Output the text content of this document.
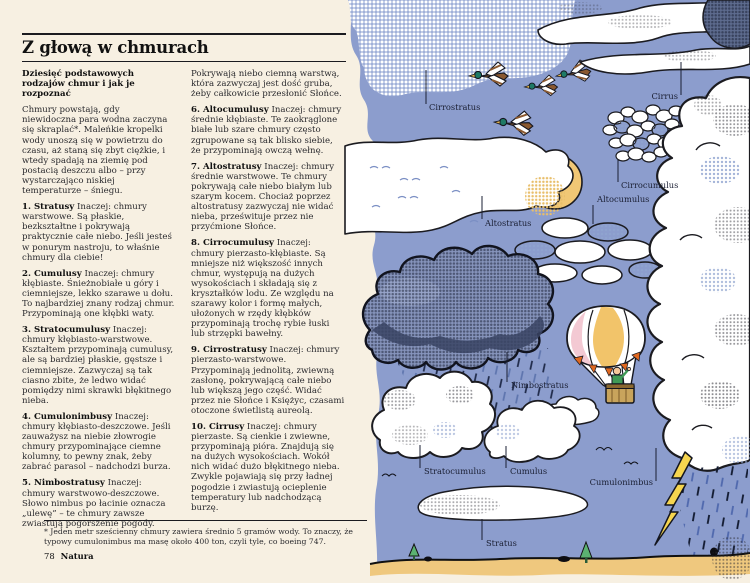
Z głową w chmurach
Dziesięć podstawowych rodzajów chmur i jak je rozpoznać

Chmury powstają, gdy niewidoczna para wodna zaczyna się skraplać*. Maleńkie kropelki wody unoszą się w powietrzu do czasu, aż staną się zbyt ciężkie, i wtedy spadają na ziemię pod postacią deszczu albo – przy wystarczająco niskiej temperaturze – śniegu.

1. Stratusy Inaczej: chmury warstwowe. Są płaskie, bezkształtne i pokrywają praktycznie całe niebo. Jeśli jesteś w ponurym nastroju, to właśnie chmury dla ciebie!

2. Cumulusy Inaczej: chmury kłębiaste. Śnieżnobiałe u góry i ciemniejsze, lekko szarawe u dołu. To najbardziej znany rodzaj chmur. Przypominają one kłębki waty.

3. Stratocumulusy Inaczej: chmury kłębiasto-warstwowe. Kształtem przypominają cumulusy, ale są bardziej płaskie, gęstsze i ciemniejsze. Zazwyczaj są tak ciasno zbite, że ledwo widać pomiędzy nimi skrawki błękitnego nieba.

4. Cumulonimbusy Inaczej: chmury kłębiasto-deszczowe. Jeśli zauważysz na niebie złowrogie chmury przypominające ciemne kolumny, to pewny znak, żeby zabrać parasol – nadchodzi burza.

5. Nimbostratusy Inaczej: chmury warstwowo-deszczowe. Słowo nimbus po łacinie oznacza „ulewę” – te chmury zawsze zwiastują pogorszenie pogody.

Pokrywają niebo ciemną warstwą, która zazwyczaj jest dość gruba, żeby całkowicie przesłonić Słońce.

6. Altocumulusy Inaczej: chmury średnie kłębiaste. Te zaokrąglone białe lub szare chmury często zgrupowane są tak blisko siebie, że przypominają owczą wełnę.

7. Altostratusy Inaczej: chmury średnie warstwowe. Te chmury pokrywają całe niebo białym lub szarym kocem. Chociaż poprzez altostratusy zazwyczaj nie widać nieba, prześwituje przez nie przyćmione Słońce.

8. Cirrocumulusy Inaczej: chmury pierzasto-kłębiaste. Są mniejsze niż większość innych chmur, występują na dużych wysokościach i składają się z kryształków lodu. Ze względu na szarawy kolor i formę małych, ułożonych w rzędy kłębków przypominają trochę rybie łuski lub strzępki bawełny.

9. Cirrostratusy Inaczej: chmury pierzasto-warstwowe. Przypominają jednolitą, zwiewną zasłonę, pokrywającą całe niebo lub większą jego część. Widać przez nie Słońce i Księżyc, czasami otoczone świetlistą aureolą.

10. Cirrusy Inaczej: chmury pierzaste. Są cienkie i zwiewne, przypominają pióra. Znajdują się na dużych wysokościach. Wokół nich widać dużo błękitnego nieba. Zwykle pojawiają się przy ładnej pogodzie i zwiastują ocieplenie temperatury lub nadchodzącą burzę.

* Jeden metr sześcienny chmury zawiera średnio 5 gramów wody. To znaczy, że typowy cumulonimbus ma masę około 400 ton, czyli tyle, co boeing 747.
78 Natura
Cirrostratus
Cirrus
Cirrocumulus
Altocumulus
Altostratus
Nimbostratus
Stratocumulus	Cumulus
Cumulonimbus
Stratus
